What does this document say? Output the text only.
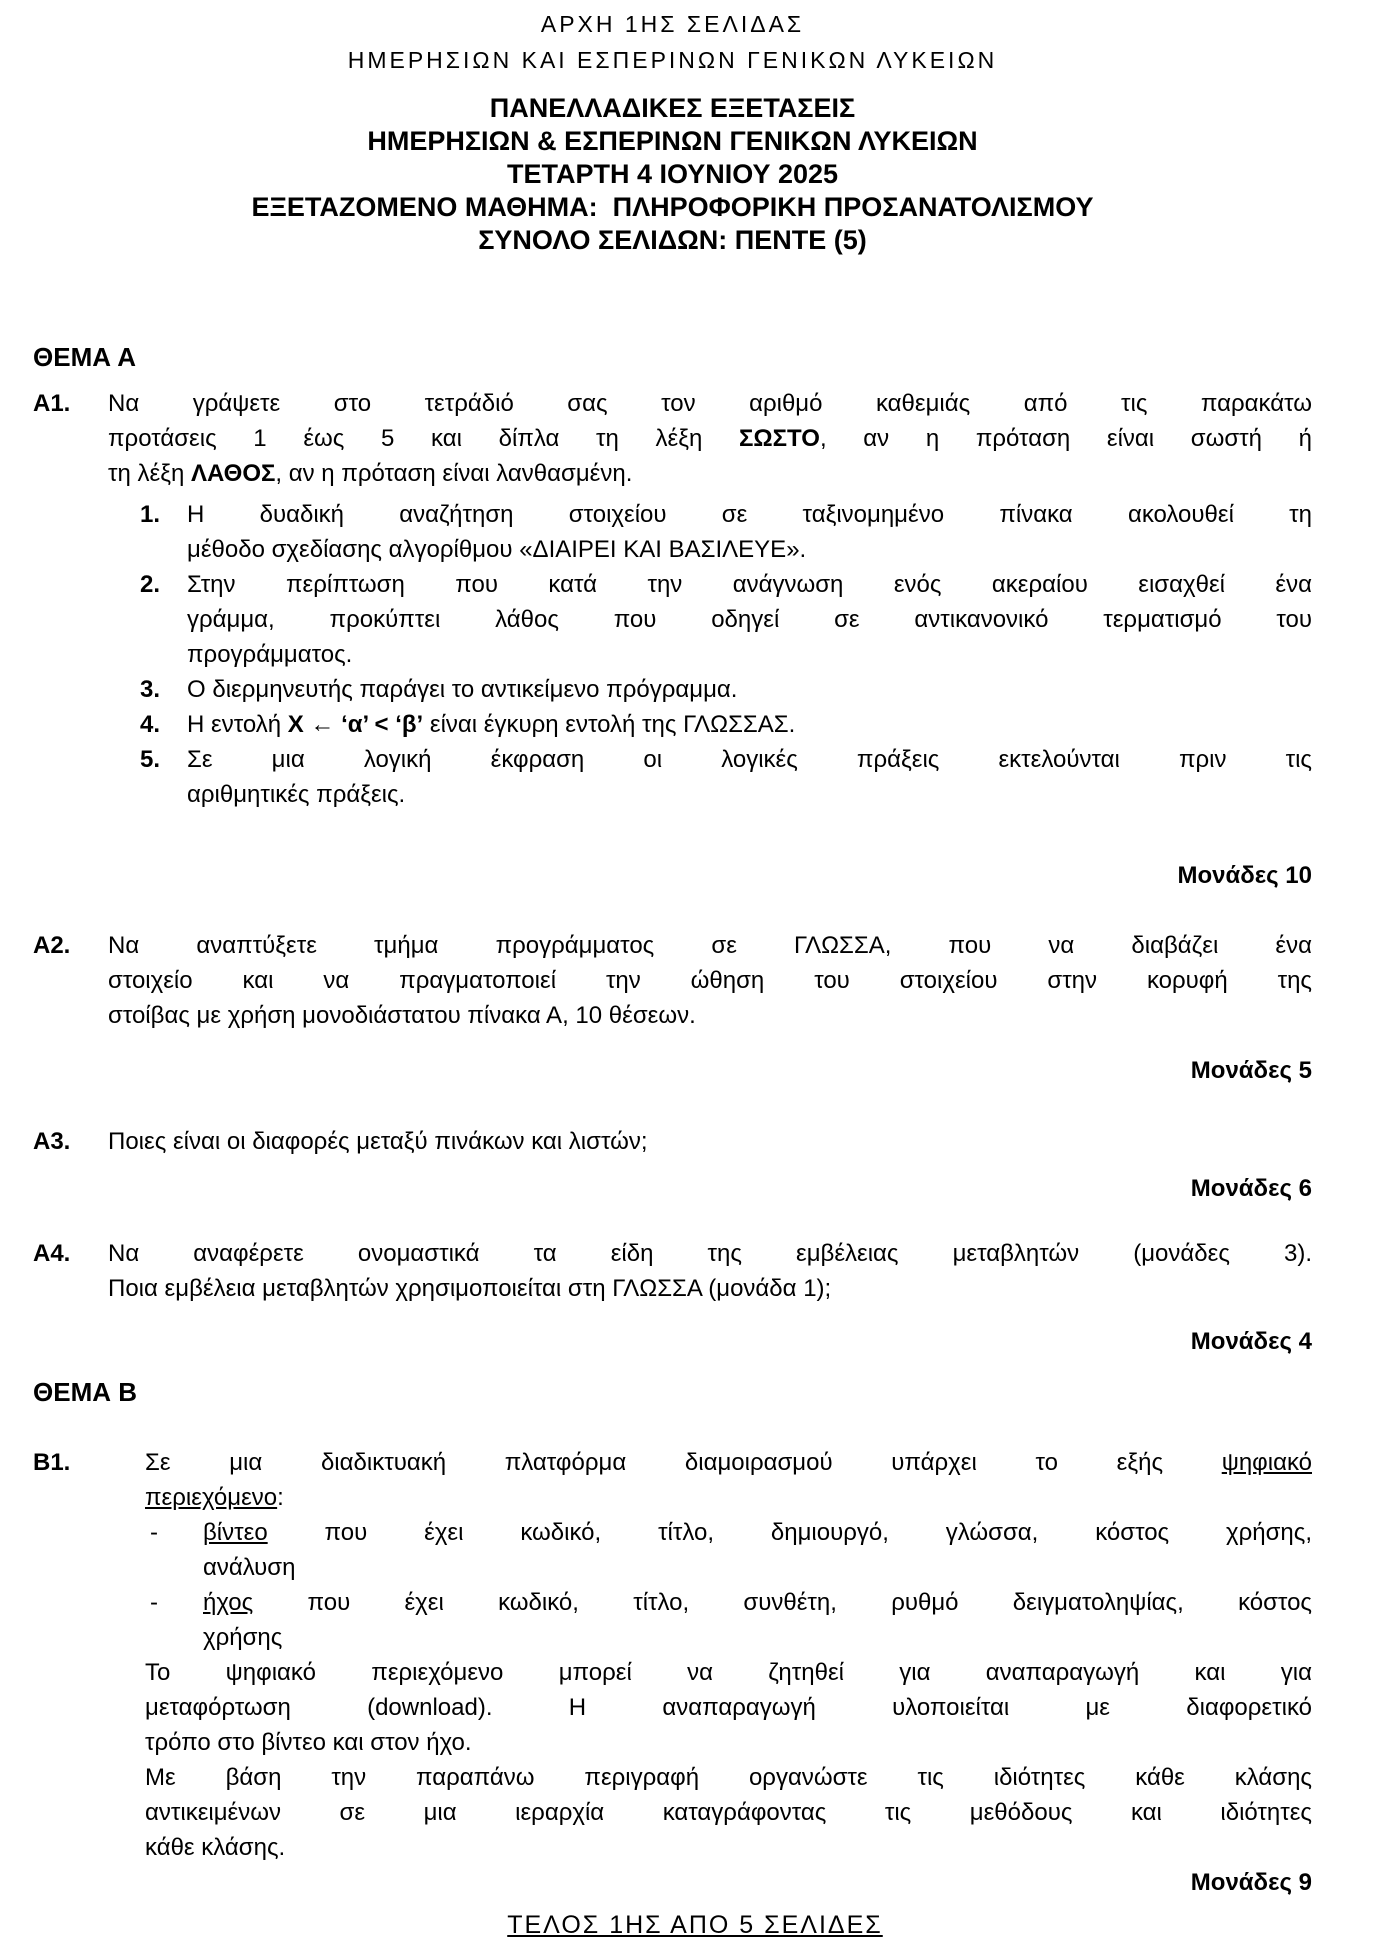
ΑΡΧΗ 1ΗΣ ΣΕΛΙΔΑΣ
ΗΜΕΡΗΣΙΩΝ ΚΑΙ ΕΣΠΕΡΙΝΩΝ ΓΕΝΙΚΩΝ ΛΥΚΕΙΩΝ
ΠΑΝΕΛΛΑΔΙΚΕΣ ΕΞΕΤΑΣΕΙΣ
ΗΜΕΡΗΣΙΩΝ & ΕΣΠΕΡΙΝΩΝ ΓΕΝΙΚΩΝ ΛΥΚΕΙΩΝ
ΤΕΤΑΡΤΗ 4 ΙΟΥΝΙΟΥ 2025
ΕΞΕΤΑΖΟΜΕΝΟ ΜΑΘΗΜΑ:  ΠΛΗΡΟΦΟΡΙΚΗ ΠΡΟΣΑΝΑΤΟΛΙΣΜΟΥ
ΣΥΝΟΛΟ ΣΕΛΙΔΩΝ: ΠΕΝΤΕ (5)
ΘΕΜΑ Α
Α1.	Να γράψετε στο τετράδιό σας τον αριθμό καθεμιάς από τις παρακάτω
προτάσεις 1 έως 5 και δίπλα τη λέξη ΣΩΣΤΟ, αν η πρόταση είναι σωστή ή
τη λέξη ΛΑΘΟΣ, αν η πρόταση είναι λανθασμένη.
1.	Η δυαδική αναζήτηση στοιχείου σε ταξινομημένο πίνακα ακολουθεί τη
μέθοδο σχεδίασης αλγορίθμου «ΔΙΑΙΡΕΙ ΚΑΙ ΒΑΣΙΛΕΥΕ».
2.	Στην περίπτωση που κατά την ανάγνωση ενός ακεραίου εισαχθεί ένα
γράμμα, προκύπτει λάθος που οδηγεί σε αντικανονικό τερματισμό του
προγράμματος.
3.	Ο διερμηνευτής παράγει το αντικείμενο πρόγραμμα.
4.	Η εντολή Χ ← ‘α’ < ‘β’ είναι έγκυρη εντολή της ΓΛΩΣΣΑΣ.
5.	Σε μια λογική έκφραση οι λογικές πράξεις εκτελούνται πριν τις
αριθμητικές πράξεις.
Μονάδες 10
Α2.	Να αναπτύξετε τμήμα προγράμματος σε ΓΛΩΣΣΑ, που να διαβάζει ένα
στοιχείο και να πραγματοποιεί την ώθηση του στοιχείου στην κορυφή της
στοίβας με χρήση μονοδιάστατου πίνακα Α, 10 θέσεων.
Μονάδες 5
Α3.	Ποιες είναι οι διαφορές μεταξύ πινάκων και λιστών;
Μονάδες 6
Α4.	Να αναφέρετε ονομαστικά τα είδη της εμβέλειας μεταβλητών (μονάδες 3).
Ποια εμβέλεια μεταβλητών χρησιμοποιείται στη ΓΛΩΣΣΑ (μονάδα 1);
Μονάδες 4
ΘΕΜΑ Β
Β1.	Σε μια διαδικτυακή πλατφόρμα διαμοιρασμού υπάρχει το εξής ψηφιακό
περιεχόμενο:
-	βίντεο που έχει κωδικό, τίτλο, δημιουργό, γλώσσα, κόστος χρήσης,
ανάλυση
-	ήχος που έχει κωδικό, τίτλο, συνθέτη, ρυθμό δειγματοληψίας, κόστος
χρήσης
Το ψηφιακό περιεχόμενο μπορεί να ζητηθεί για αναπαραγωγή και για
μεταφόρτωση (download). Η αναπαραγωγή υλοποιείται με διαφορετικό
τρόπο στο βίντεο και στον ήχο.
Με βάση την παραπάνω περιγραφή οργανώστε τις ιδιότητες κάθε κλάσης
αντικειμένων σε μια ιεραρχία καταγράφοντας τις μεθόδους και ιδιότητες
κάθε κλάσης.
Μονάδες 9
ΤΕΛΟΣ 1ΗΣ ΑΠΟ 5 ΣΕΛΙΔΕΣ
